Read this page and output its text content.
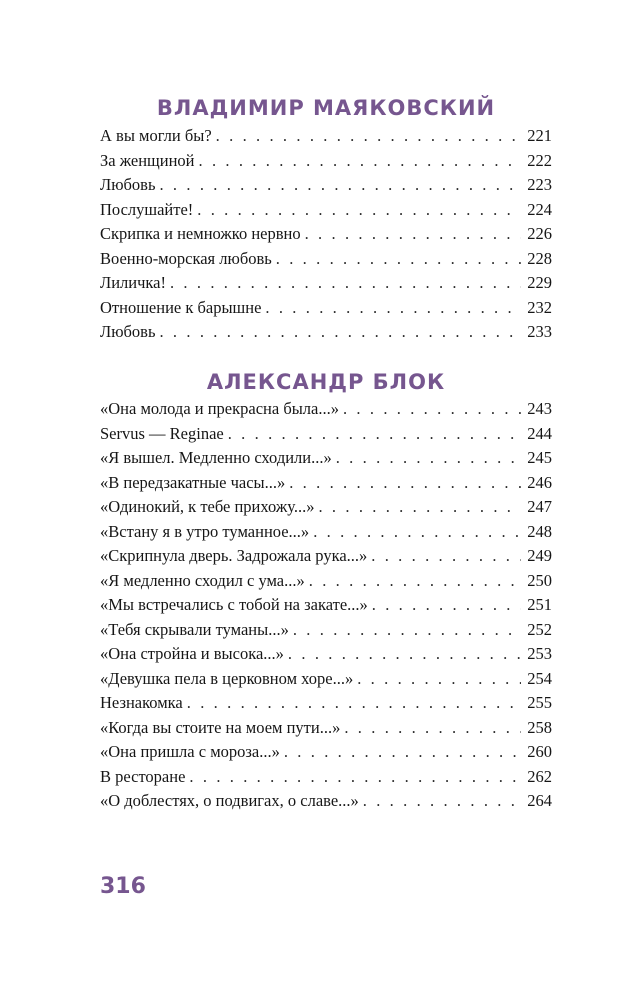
ВЛАДИМИР МАЯКОВСКИЙ
А вы могли бы? . . .	221
За женщиной . . .	222
Любовь . . .	223
Послушайте! . . .	224
Скрипка и немножко нервно . . .	226
Военно-морская любовь . . .	228
Лиличка! . . .	229
Отношение к барышне . . .	232
Любовь . . .	233
АЛЕКСАНДР БЛОК
«Она молода и прекрасна была...» . . .	243
Servus — Reginae . . .	244
«Я вышел. Медленно сходили...» . . .	245
«В передзакатные часы...» . . .	246
«Одинокий, к тебе прихожу...» . . .	247
«Встану я в утро туманное...» . . .	248
«Скрипнула дверь. Задрожала рука...» . . .	249
«Я медленно сходил с ума...» . . .	250
«Мы встречались с тобой на закате...» . . .	251
«Тебя скрывали туманы...» . . .	252
«Она стройна и высока...» . . .	253
«Девушка пела в церковном хоре...» . . .	254
Незнакомка . . .	255
«Когда вы стоите на моем пути...» . . .	258
«Она пришла с мороза...» . . .	260
В ресторане . . .	262
«О доблестях, о подвигах, о славе...» . . .	264
316
